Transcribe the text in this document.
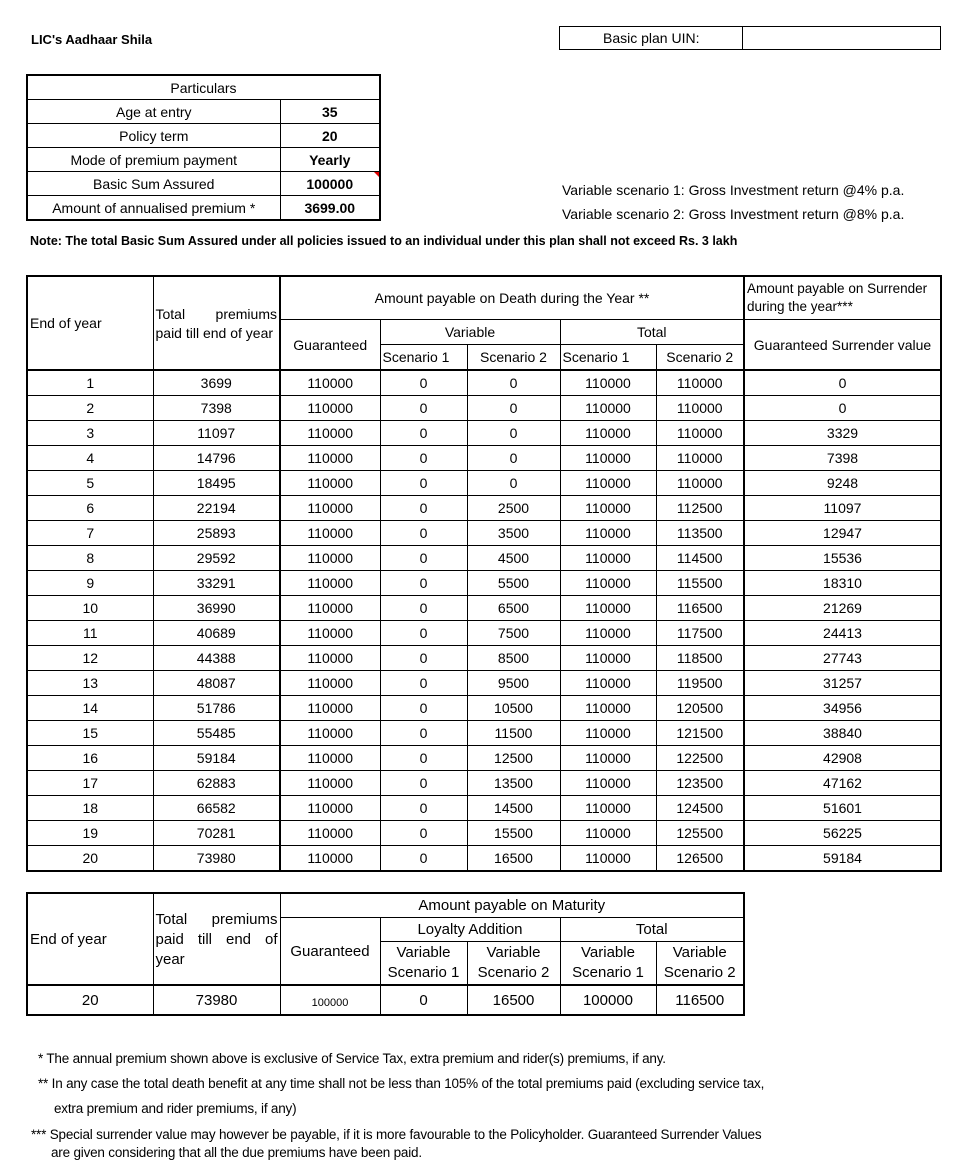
LIC's Aadhaar Shila	Basic plan UIN:	
Particulars	
Age at entry	35
Policy term	20
Mode of premium payment	Yearly
Basic Sum Assured	100000
Amount of annualised premium *	3699.00
Variable scenario 1: Gross Investment return @4% p.a.
Variable scenario 2: Gross Investment return @8% p.a.
Note: The total Basic Sum Assured under all policies issued to an individual under this plan shall not exceed Rs. 3 lakh
End of year	Total premiums paid till end of year	Amount payable on Death during the Year **					Amount payable on Surrender during the year***
		Guaranteed	Variable		Total		Guaranteed Surrender value
			Scenario 1	Scenario 2	Scenario 1	Scenario 2	
1	3699	110000	0	0	110000	110000	0
2	7398	110000	0	0	110000	110000	0
3	11097	110000	0	0	110000	110000	3329
4	14796	110000	0	0	110000	110000	7398
5	18495	110000	0	0	110000	110000	9248
6	22194	110000	0	2500	110000	112500	11097
7	25893	110000	0	3500	110000	113500	12947
8	29592	110000	0	4500	110000	114500	15536
9	33291	110000	0	5500	110000	115500	18310
10	36990	110000	0	6500	110000	116500	21269
11	40689	110000	0	7500	110000	117500	24413
12	44388	110000	0	8500	110000	118500	27743
13	48087	110000	0	9500	110000	119500	31257
14	51786	110000	0	10500	110000	120500	34956
15	55485	110000	0	11500	110000	121500	38840
16	59184	110000	0	12500	110000	122500	42908
17	62883	110000	0	13500	110000	123500	47162
18	66582	110000	0	14500	110000	124500	51601
19	70281	110000	0	15500	110000	125500	56225
20	73980	110000	0	16500	110000	126500	59184
End of year	Total premiums paid till end of year	Amount payable on Maturity				
		Guaranteed	Loyalty Addition		Total	
			Variable Scenario 1	Variable Scenario 2	Variable Scenario 1	Variable Scenario 2
20	73980	100000	0	16500	100000	116500
* The annual premium shown above is exclusive of Service Tax, extra premium and rider(s) premiums, if any.
** In any case the total death benefit at any time shall not be less than 105% of the total premiums paid (excluding service tax,
extra premium and rider premiums, if any)
*** Special surrender value may however be payable, if it is more favourable to the Policyholder. Guaranteed Surrender Values
are given considering that all the due premiums have been paid.
